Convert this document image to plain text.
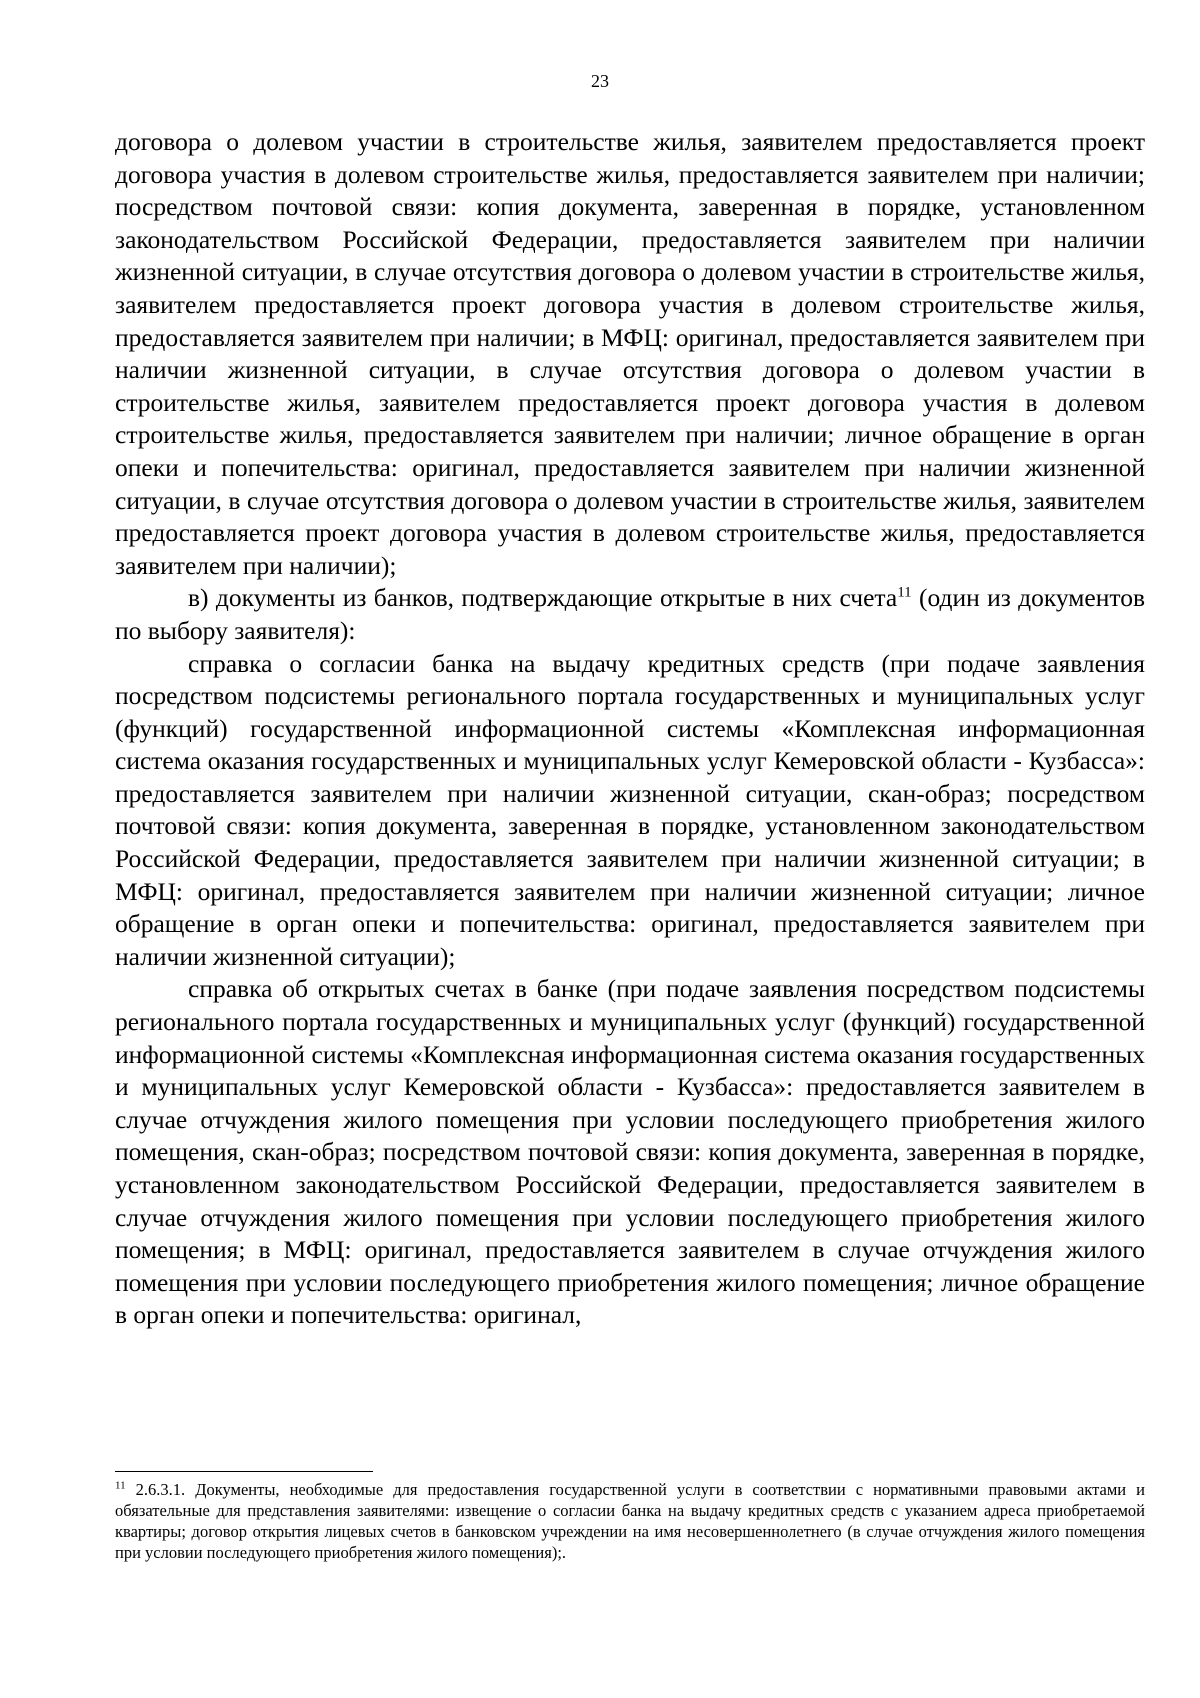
23

договора о долевом участии в строительстве жилья, заявителем предоставляется проект договора участия в долевом строительстве жилья, предоставляется заявителем при наличии; посредством почтовой связи: копия документа, заверенная в порядке, установленном законодательством Российской Федерации, предоставляется заявителем при наличии жизненной ситуации, в случае отсутствия договора о долевом участии в строительстве жилья, заявителем предоставляется проект договора участия в долевом строительстве жилья, предоставляется заявителем при наличии; в МФЦ: оригинал, предоставляется заявителем при наличии жизненной ситуации, в случае отсутствия договора о долевом участии в строительстве жилья, заявителем предоставляется проект договора участия в долевом строительстве жилья, предоставляется заявителем при наличии; личное обращение в орган опеки и попечительства: оригинал, предоставляется заявителем при наличии жизненной ситуации, в случае отсутствия договора о долевом участии в строительстве жилья, заявителем предоставляется проект договора участия в долевом строительстве жилья, предоставляется заявителем при наличии);

в) документы из банков, подтверждающие открытые в них счета$^{11}$ (один из документов по выбору заявителя):

справка о согласии банка на выдачу кредитных средств (при подаче заявления посредством подсистемы регионального портала государственных и муниципальных услуг (функций) государственной информационной системы «Комплексная информационная система оказания государственных и муниципальных услуг Кемеровской области - Кузбасса»: предоставляется заявителем при наличии жизненной ситуации, скан-образ; посредством почтовой связи: копия документа, заверенная в порядке, установленном законодательством Российской Федерации, предоставляется заявителем при наличии жизненной ситуации; в МФЦ: оригинал, предоставляется заявителем при наличии жизненной ситуации; личное обращение в орган опеки и попечительства: оригинал, предоставляется заявителем при наличии жизненной ситуации);

справка об открытых счетах в банке (при подаче заявления посредством подсистемы регионального портала государственных и муниципальных услуг (функций) государственной информационной системы «Комплексная информационная система оказания государственных и муниципальных услуг Кемеровской области - Кузбасса»: предоставляется заявителем в случае отчуждения жилого помещения при условии последующего приобретения жилого помещения, скан-образ; посредством почтовой связи: копия документа, заверенная в порядке, установленном законодательством Российской Федерации, предоставляется заявителем в случае отчуждения жилого помещения при условии последующего приобретения жилого помещения; в МФЦ: оригинал, предоставляется заявителем в случае отчуждения жилого помещения при условии последующего приобретения жилого помещения; личное обращение в орган опеки и попечительства: оригинал,

$^{11}$ 2.6.3.1. Документы, необходимые для предоставления государственной услуги в соответствии с нормативными правовыми актами и обязательные для представления заявителями: извещение о согласии банка на выдачу кредитных средств с указанием адреса приобретаемой квартиры; договор открытия лицевых счетов в банковском учреждении на имя несовершеннолетнего (в случае отчуждения жилого помещения при условии последующего приобретения жилого помещения);.
